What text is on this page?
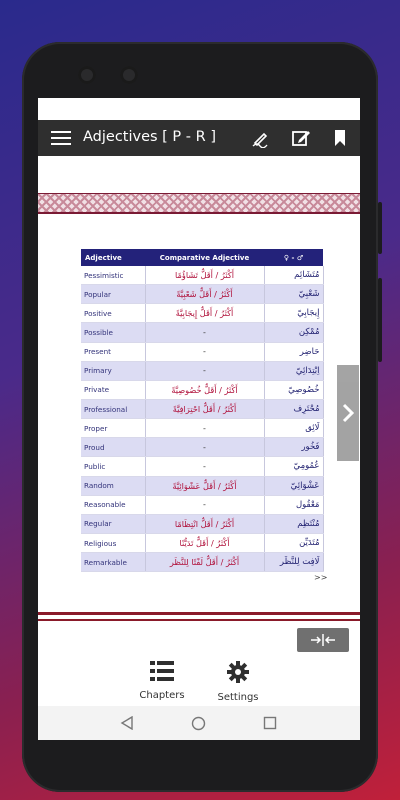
Adjectives [ P - R ]
Adjective	Comparative Adjective	♀ - ♂
Pessimistic	أَكْثَرُ / أَقَلُّ تَشَاؤُمًا	مُتَشَائِم
Popular	أَكْثَرُ / أَقَلُّ شَعْبِيَّةً	شَعْبِيّ
Positive	أَكْثَرُ / أَقَلُّ إِيجَابِيَّةً	إِيجَابِيّ
Possible	-	مُمْكِن
Present	-	حَاضِر
Primary	-	اِبْتِدَائِيّ
Private	أَكْثَرُ / أَقَلُّ خُصُوصِيَّةً	خُصُوصِيّ
Professional	أَكْثَرُ / أَقَلُّ احْتِرَافِيَّةً	مُحْتَرِف
Proper	-	لَائِق
Proud	-	فَخُور
Public	-	عُمُومِيّ
Random	أَكْثَرُ / أَقَلُّ عَشْوَائِيَّةً	عَشْوَائِيّ
Reasonable	-	مَعْقُول
Regular	أَكْثَرُ / أَقَلُّ انْتِظَامًا	مُنْتَظِم
Religious	أَكْثَرُ / أَقَلُّ تَدَيُّنًا	مُتَدَيِّن
Remarkable	أَكْثَرُ / أَقَلُّ لَفْتًا لِلنَّظَر	لَافِت لِلنَّظَر
>>
Chapters	Settings
